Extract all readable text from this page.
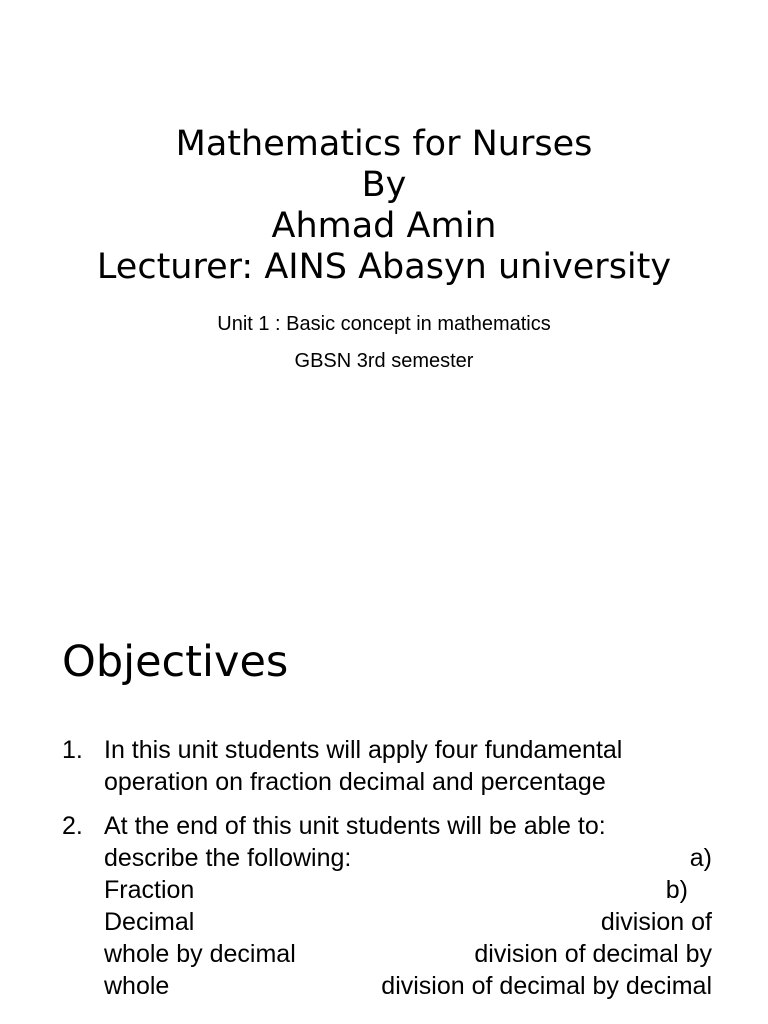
Mathematics for Nurses
By
Ahmad Amin
Lecturer: AINS Abasyn university
Unit 1 : Basic concept in mathematics
GBSN 3rd semester
Objectives
1. In this unit students will apply four fundamental
operation on fraction decimal and percentage
2. At the end of this unit students will be able to:
describe the following:	a)
Fraction	b)
Decimal	division of
whole by decimal	division of decimal by
whole	division of decimal by decimal
